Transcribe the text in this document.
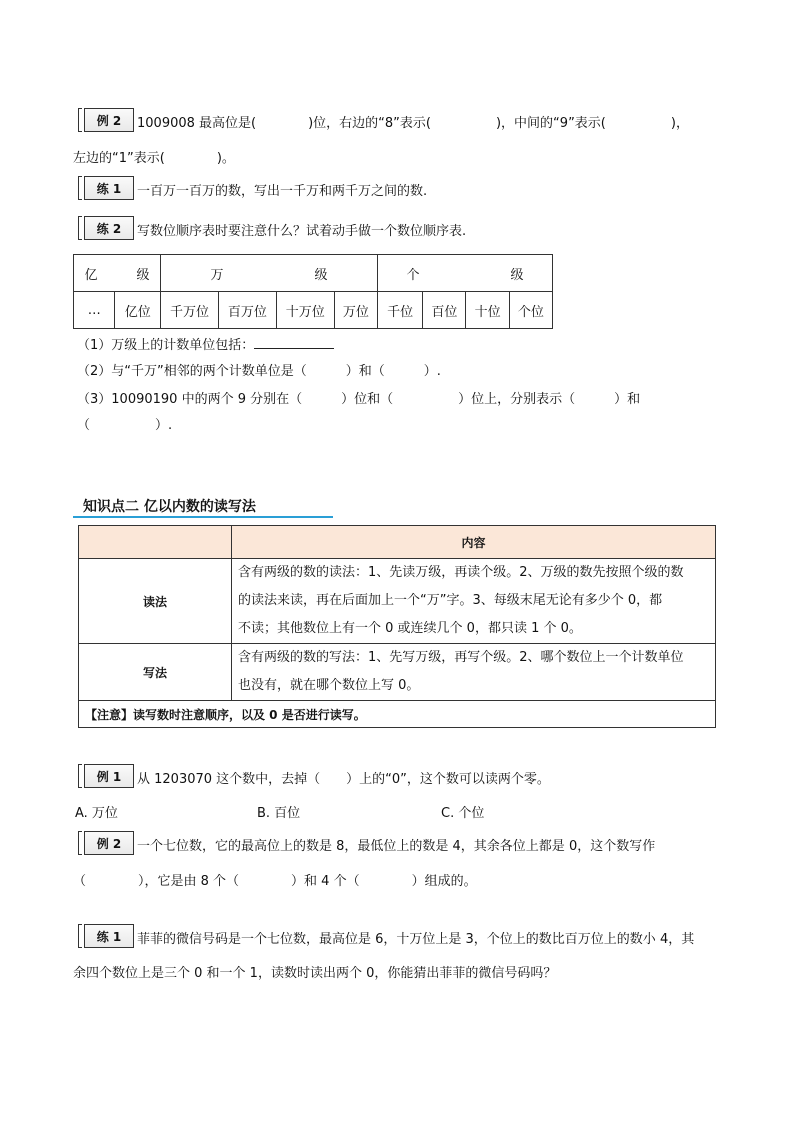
例 2 1009008 最高位是(　　　　)位，右边的“8”表示(　　　　　)，中间的“9”表示(　　　　　)，
左边的“1”表示(　　　　)。
练 1 一百万一百万的数，写出一千万和两千万之间的数.
练 2 写数位顺序表时要注意什么？试着动手做一个数位顺序表.
亿　　　级		万　　　　　　　级				个　　　　　　　级			
…	亿位	千万位	百万位	十万位	万位	千位	百位	十位	个位
（1）万级上的计数单位包括：
（2）与“千万”相邻的两个计数单位是（　　　）和（　　　）.
（3）10090190 中的两个 9 分别在（　　　）位和（　　　　　）位上，分别表示（　　　）和
（　　　　　）.
知识点二 亿以内数的读写法
	内容
读法	含有两级的数的读法：1、先读万级，再读个级。2、万级的数先按照个级的数
的读法来读，再在后面加上一个“万”字。3、每级末尾无论有多少个 0，都
不读；其他数位上有一个 0 或连续几个 0，都只读 1 个 0。

写法	含有两级的数的写法：1、先写万级，再写个级。2、哪个数位上一个计数单位
也没有，就在哪个数位上写 0。

【注意】读写数时注意顺序，以及 0 是否进行读写。	
例 1 从 1203070 这个数中，去掉（　　）上的“0”，这个数可以读两个零。
A. 万位	B. 百位	C. 个位
例 2 一个七位数，它的最高位上的数是 8，最低位上的数是 4，其余各位上都是 0，这个数写作
（　　　　），它是由 8 个（　　　　）和 4 个（　　　　）组成的。
练 1 菲菲的微信号码是一个七位数，最高位是 6，十万位上是 3，个位上的数比百万位上的数小 4，其
余四个数位上是三个 0 和一个 1，读数时读出两个 0，你能猜出菲菲的微信号码吗？
